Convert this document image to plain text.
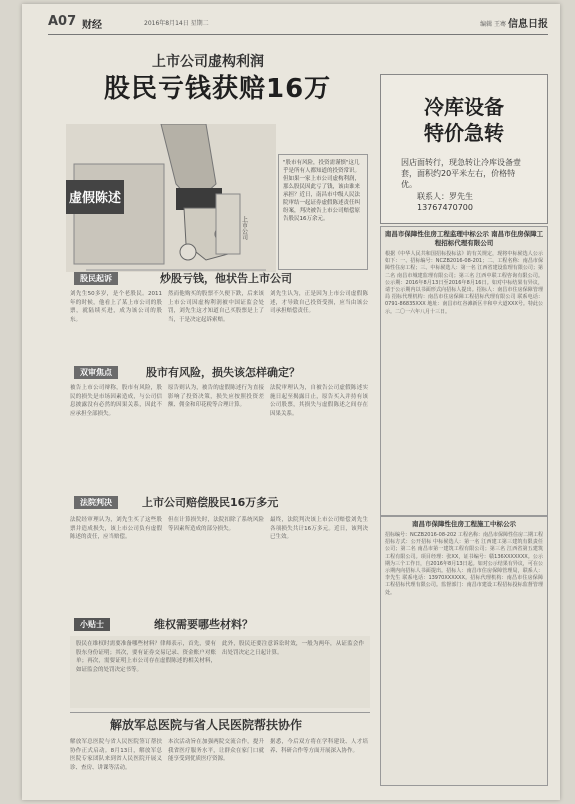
A07 财经	2016年8月14日 星期二	编辑 王骞 信息日报
上市公司虚构利润
股民亏钱获赔16万
虚假陈述
上市公司
"股市有风险，投资需谨慎"这几乎是所有人都知道的投资常识。但如果一家上市公司虚构利润，那么股民因此亏了钱，该由谁来承担？近日，南昌市中级人民法院审结一起证券虚假陈述责任纠纷案，判决被告上市公司赔偿原告股民16万余元。
股民起诉	炒股亏钱，他状告上市公司
刘先生50多岁，是个老股民。2011年的时候，他看上了某上市公司的股票，就陆续买进，成为该公司的股东。
然而他购买的股票不久便下跌，后来该上市公司因虚构利润被中国证监会处罚，刘先生这才知道自己买股票是上了当，于是决定起诉索赔。
刘先生认为，正是因为上市公司虚假陈述，才导致自己投资受损，应当由该公司承担赔偿责任。
双审焦点	股市有风险，损失该怎样确定？
被告上市公司辩称，股市有风险，股民的损失是市场因素造成，与公司信息披露没有必然的因果关系，因此不应承担全部损失。
原告则认为，被告的虚假陈述行为直接影响了投资决策，损失应按照投资差额、佣金和印花税等合理计算。
法院审理认为，自被告公司虚假陈述实施日起至揭露日止，原告买入并持有该公司股票，其损失与虚假陈述之间存在因果关系。
法院判决	上市公司赔偿股民16万多元
法院经审理认为，刘先生买了这些股票并造成损失，该上市公司负有虚假陈述的责任，应当赔偿。
但在计算损失时，法院扣除了系统风险等因素所造成的部分损失。
最终，法院判决该上市公司赔偿刘先生各项损失共计16万多元。近日，该判决已生效。
小贴士	维权需要哪些材料？
股民在维权时需要准备哪些材料？律师表示，首先，要有股东身份证明；其次，要有证券交易记录、资金账户对账单；再次，需要证明上市公司存在虚假陈述的相关材料，如证监会的处罚决定书等。
此外，股民还要注意诉讼时效，一般为两年，从证监会作出处罚决定之日起计算。
解放军总医院与省人民医院帮扶协作
解放军总医院与省人民医院签订帮扶协作正式启动。8月13日，解放军总医院专家团队来到省人民医院开展义诊、查房、讲课等活动。
本次活动旨在加强两院交流合作，提升我省医疗服务水平，让群众在家门口就能享受到优质医疗资源。
据悉，今后双方将在学科建设、人才培养、科研合作等方面开展深入协作。
冷库设备
特价急转
因店面转行，现急转让冷库设备壹套，面积约20平米左右，价格特优。
联系人：罗先生
13767470700
南昌市保障性住房工程监理中标公示 南昌市住房保障工程招标代理有限公司
根据《中华人民共和国招标投标法》的有关规定，现将中标候选人公示如下：一、招标编号：NCZB2016-08-201；二、工程名称：南昌市保障性住房工程；三、中标候选人：第一名 江西省建设监理有限公司；第二名 南昌市城建监理有限公司；第三名 江西中联工程咨询有限公司。公示期：2016年8月13日至2016年8月16日。如对中标结果有异议，请于公示期内以书面形式向招标人提出。招标人：南昌市住房保障管理局 招标代理机构：南昌市住房保障工程招标代理有限公司 联系电话：0791-86835XXX 地址：南昌市红谷滩新区丰和中大道XXX号。特此公示。二〇一六年八月十三日。
南昌市保障性住房工程施工中标公示
招标编号：NCZB2016-08-202 工程名称：南昌市保障性住房二期工程 招标方式：公开招标 中标候选人：第一名 江西建工第三建筑有限责任公司；第二名 南昌市第一建筑工程有限公司；第三名 江西省第五建筑工程有限公司。项目经理：张XX，证书编号：赣136XXXXXXX。公示期为三个工作日，自2016年8月13日起。如对公示结果有异议，可在公示期内向招标人书面提出。招标人：南昌市住房保障管理局，联系人：李先生 联系电话：13970XXXXXX。招标代理机构：南昌市住房保障工程招标代理有限公司。监督部门：南昌市建设工程招标投标监督管理处。
